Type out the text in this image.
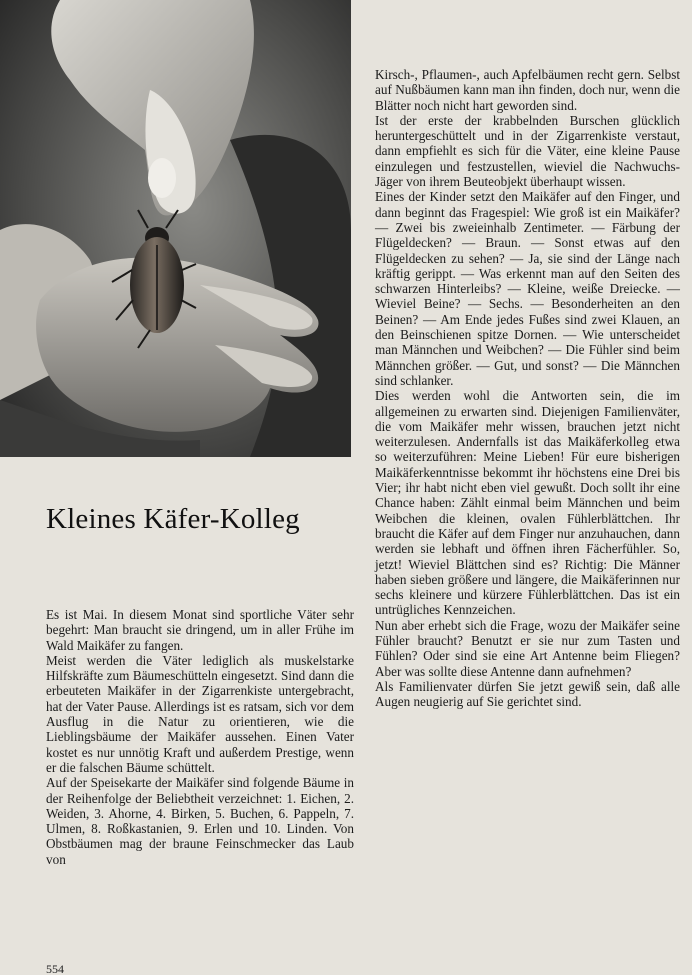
Kleines Käfer-Kolleg

Es ist Mai. In diesem Monat sind sportliche Väter sehr begehrt: Man braucht sie dringend, um in aller Frühe im Wald Maikäfer zu fangen.

Meist werden die Väter lediglich als muskelstarke Hilfskräfte zum Bäumeschütteln eingesetzt. Sind dann die erbeuteten Maikäfer in der Zigarrenkiste untergebracht, hat der Vater Pause. Allerdings ist es ratsam, sich vor dem Ausflug in die Natur zu orientieren, wie die Lieblingsbäume der Maikäfer aussehen. Einen Vater kostet es nur unnötig Kraft und außerdem Prestige, wenn er die falschen Bäume schüttelt.

Auf der Speisekarte der Maikäfer sind folgende Bäume in der Reihenfolge der Beliebtheit verzeichnet: 1. Eichen, 2. Weiden, 3. Ahorne, 4. Birken, 5. Buchen, 6. Pappeln, 7. Ulmen, 8. Roßkastanien, 9. Erlen und 10. Linden. Von Obstbäumen mag der braune Feinschmecker das Laub von

Kirsch-, Pflaumen-, auch Apfelbäumen recht gern. Selbst auf Nußbäumen kann man ihn finden, doch nur, wenn die Blätter noch nicht hart geworden sind.

Ist der erste der krabbelnden Burschen glücklich heruntergeschüttelt und in der Zigarrenkiste verstaut, dann empfiehlt es sich für die Väter, eine kleine Pause einzulegen und festzustellen, wieviel die Nachwuchs-Jäger von ihrem Beuteobjekt überhaupt wissen.

Eines der Kinder setzt den Maikäfer auf den Finger, und dann beginnt das Fragespiel: Wie groß ist ein Maikäfer? — Zwei bis zweieinhalb Zentimeter. — Färbung der Flügeldecken? — Braun. — Sonst etwas auf den Flügeldecken zu sehen? — Ja, sie sind der Länge nach kräftig gerippt. — Was erkennt man auf den Seiten des schwarzen Hinterleibs? — Kleine, weiße Dreiecke. — Wieviel Beine? — Sechs. — Besonderheiten an den Beinen? — Am Ende jedes Fußes sind zwei Klauen, an den Beinschienen spitze Dornen. — Wie unterscheidet man Männchen und Weibchen? — Die Fühler sind beim Männchen größer. — Gut, und sonst? — Die Männchen sind schlanker.

Dies werden wohl die Antworten sein, die im allgemeinen zu erwarten sind. Diejenigen Familienväter, die vom Maikäfer mehr wissen, brauchen jetzt nicht weiterzulesen. Andernfalls ist das Maikäferkolleg etwa so weiterzuführen: Meine Lieben! Für eure bisherigen Maikäferkenntnisse bekommt ihr höchstens eine Drei bis Vier; ihr habt nicht eben viel gewußt. Doch sollt ihr eine Chance haben: Zählt einmal beim Männchen und beim Weibchen die kleinen, ovalen Fühlerblättchen. Ihr braucht die Käfer auf dem Finger nur anzuhauchen, dann werden sie lebhaft und öffnen ihren Fächerfühler. So, jetzt! Wieviel Blättchen sind es? Richtig: Die Männer haben sieben größere und längere, die Maikäferinnen nur sechs kleinere und kürzere Fühlerblättchen. Das ist ein untrügliches Kennzeichen.

Nun aber erhebt sich die Frage, wozu der Maikäfer seine Fühler braucht? Benutzt er sie nur zum Tasten und Fühlen? Oder sind sie eine Art Antenne beim Fliegen? Aber was sollte diese Antenne dann aufnehmen?

Als Familienvater dürfen Sie jetzt gewiß sein, daß alle Augen neugierig auf Sie gerichtet sind.

554
